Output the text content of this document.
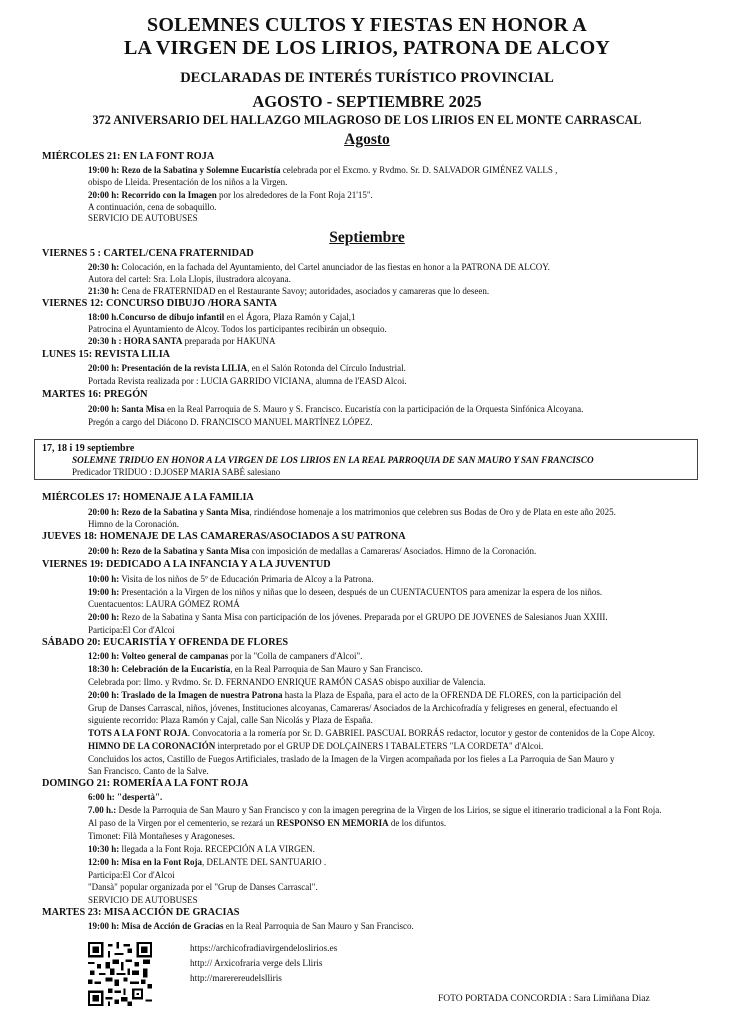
SOLEMNES CULTOS Y FIESTAS EN HONOR A
LA VIRGEN DE LOS LIRIOS, PATRONA DE ALCOY
DECLARADAS DE INTERÉS TURÍSTICO PROVINCIAL
AGOSTO - SEPTIEMBRE 2025
372 ANIVERSARIO DEL HALLAZGO MILAGROSO DE LOS LIRIOS EN EL MONTE CARRASCAL
Agosto
MIÉRCOLES 21: EN LA FONT ROJA
19:00 h: Rezo de la Sabatina y Solemne Eucaristía celebrada por el Excmo. y Rvdmo. Sr. D. SALVADOR GIMÉNEZ VALLS ,
obispo de Lleida. Presentación de los niños a la Virgen.
20:00 h: Recorrido con la Imagen por los alrededores de la Font Roja 21'15".
A continuación, cena de sobaquillo.
SERVICIO DE AUTOBUSES
Septiembre
VIERNES 5 : CARTEL/CENA FRATERNIDAD
20:30 h: Colocación, en la fachada del Ayuntamiento, del Cartel anunciador de las fiestas en honor a la PATRONA DE ALCOY.
Autora del cartel: Sra. Lola Llopis, ilustradora alcoyana.
21:30 h: Cena de FRATERNIDAD en el Restaurante Savoy; autoridades, asociados y camareras que lo deseen.
VIERNES 12: CONCURSO DIBUJO /HORA SANTA
18:00 h.Concurso de dibujo infantil en el Ágora, Plaza Ramón y Cajal,1
Patrocina el Ayuntamiento de Alcoy. Todos los participantes recibirán un obsequio.
20:30 h : HORA SANTA preparada por HAKUNA
LUNES 15: REVISTA LILIA
20:00 h: Presentación de la revista LILIA, en el Salón Rotonda del Círculo Industrial.
Portada Revista realizada por : LUCIA GARRIDO VICIANA, alumna de l'EASD Alcoi.
MARTES 16: PREGÓN
20:00 h: Santa Misa en la Real Parroquia de S. Mauro y S. Francisco. Eucaristía con la participación de la Orquesta Sinfónica Alcoyana.
Pregón a cargo del Diácono D. FRANCISCO MANUEL MARTÍNEZ LÓPEZ.
17, 18 i 19 septiembre
SOLEMNE TRIDUO EN HONOR A LA VIRGEN DE LOS LIRIOS EN LA REAL PARROQUIA DE SAN MAURO Y SAN FRANCISCO
Predicador TRIDUO : D.JOSEP MARIA SABÉ salesiano
MIÉRCOLES 17: HOMENAJE A LA FAMILIA
20:00 h: Rezo de la Sabatina y Santa Misa, rindiéndose homenaje a los matrimonios que celebren sus Bodas de Oro y de Plata en este año 2025.
Himno de la Coronación.
JUEVES 18: HOMENAJE DE LAS CAMARERAS/ASOCIADOS A SU PATRONA
20:00 h: Rezo de la Sabatina y Santa Misa con imposición de medallas a Camareras/ Asociados. Himno de la Coronación.
VIERNES 19: DEDICADO A LA INFANCIA Y A LA JUVENTUD
10:00 h: Visita de los niños de 5º de Educación Primaria de Alcoy a la Patrona.
19:00 h: Presentación a la Virgen de los niños y niñas que lo deseen, después de un CUENTACUENTOS para amenizar la espera de los niños.
Cuentacuentos: LAURA GÓMEZ ROMÁ
20:00 h: Rezo de la Sabatina y Santa Misa con participación de los jóvenes. Preparada por el GRUPO DE JOVENES de Salesianos Juan XXIII.
Participa:El Cor d'Alcoi
SÁBADO 20: EUCARISTÍA Y OFRENDA DE FLORES
12:00 h: Volteo general de campanas por la "Colla de campaners d'Alcoi".
18:30 h: Celebración de la Eucaristía, en la Real Parroquia de San Mauro y San Francisco.
Celebrada por: Ilmo. y Rvdmo. Sr. D. FERNANDO ENRIQUE RAMÓN CASAS obispo auxiliar de Valencia.
20:00 h: Traslado de la Imagen de nuestra Patrona hasta la Plaza de España, para el acto de la OFRENDA DE FLORES, con la participación del
Grup de Danses Carrascal, niños, jóvenes, Instituciones alcoyanas, Camareras/ Asociados de la Archicofradía y feligreses en general, efectuando el
siguiente recorrido: Plaza Ramón y Cajal, calle San Nicolás y Plaza de España.
TOTS A LA FONT ROJA. Convocatoria a la romería por Sr. D. GABRIEL PASCUAL BORRÁS redactor, locutor y gestor de contenidos de la Cope Alcoy.
HIMNO DE LA CORONACIÓN interpretado por el GRUP DE DOLÇAINERS I TABALETERS "LA CORDETA" d'Alcoi.
Concluidos los actos, Castillo de Fuegos Artificiales, traslado de la Imagen de la Virgen acompañada por los fieles a La Parroquia de San Mauro y
San Francisco. Canto de la Salve.
DOMINGO 21: ROMERÍA A LA FONT ROJA
6:00 h: "despertà".
7.00 h.: Desde la Parroquia de San Mauro y San Francisco y con la imagen peregrina de la Virgen de los Lirios, se sigue el itinerario tradicional a la Font Roja.
Al paso de la Virgen por el cementerio, se rezará un RESPONSO EN MEMORIA de los difuntos.
Timonet: Filà Montañeses y Aragoneses.
10:30 h: llegada a la Font Roja. RECEPCIÓN A LA VIRGEN.
12:00 h: Misa en la Font Roja, DELANTE DEL SANTUARIO .
Participa:El Cor d'Alcoi
"Dansà" popular organizada por el "Grup de Danses Carrascal".
SERVICIO DE AUTOBUSES
MARTES 23: MISA ACCIÓN DE GRACIAS
19:00 h: Misa de Acción de Gracias en la Real Parroquia de San Mauro y San Francisco.
https://archicofradiavirgendeloslirios.es
http:// Arxicofraria verge dels Lliris
http://marerereudelslliris
FOTO PORTADA CONCORDIA : Sara Limiñana Diaz
